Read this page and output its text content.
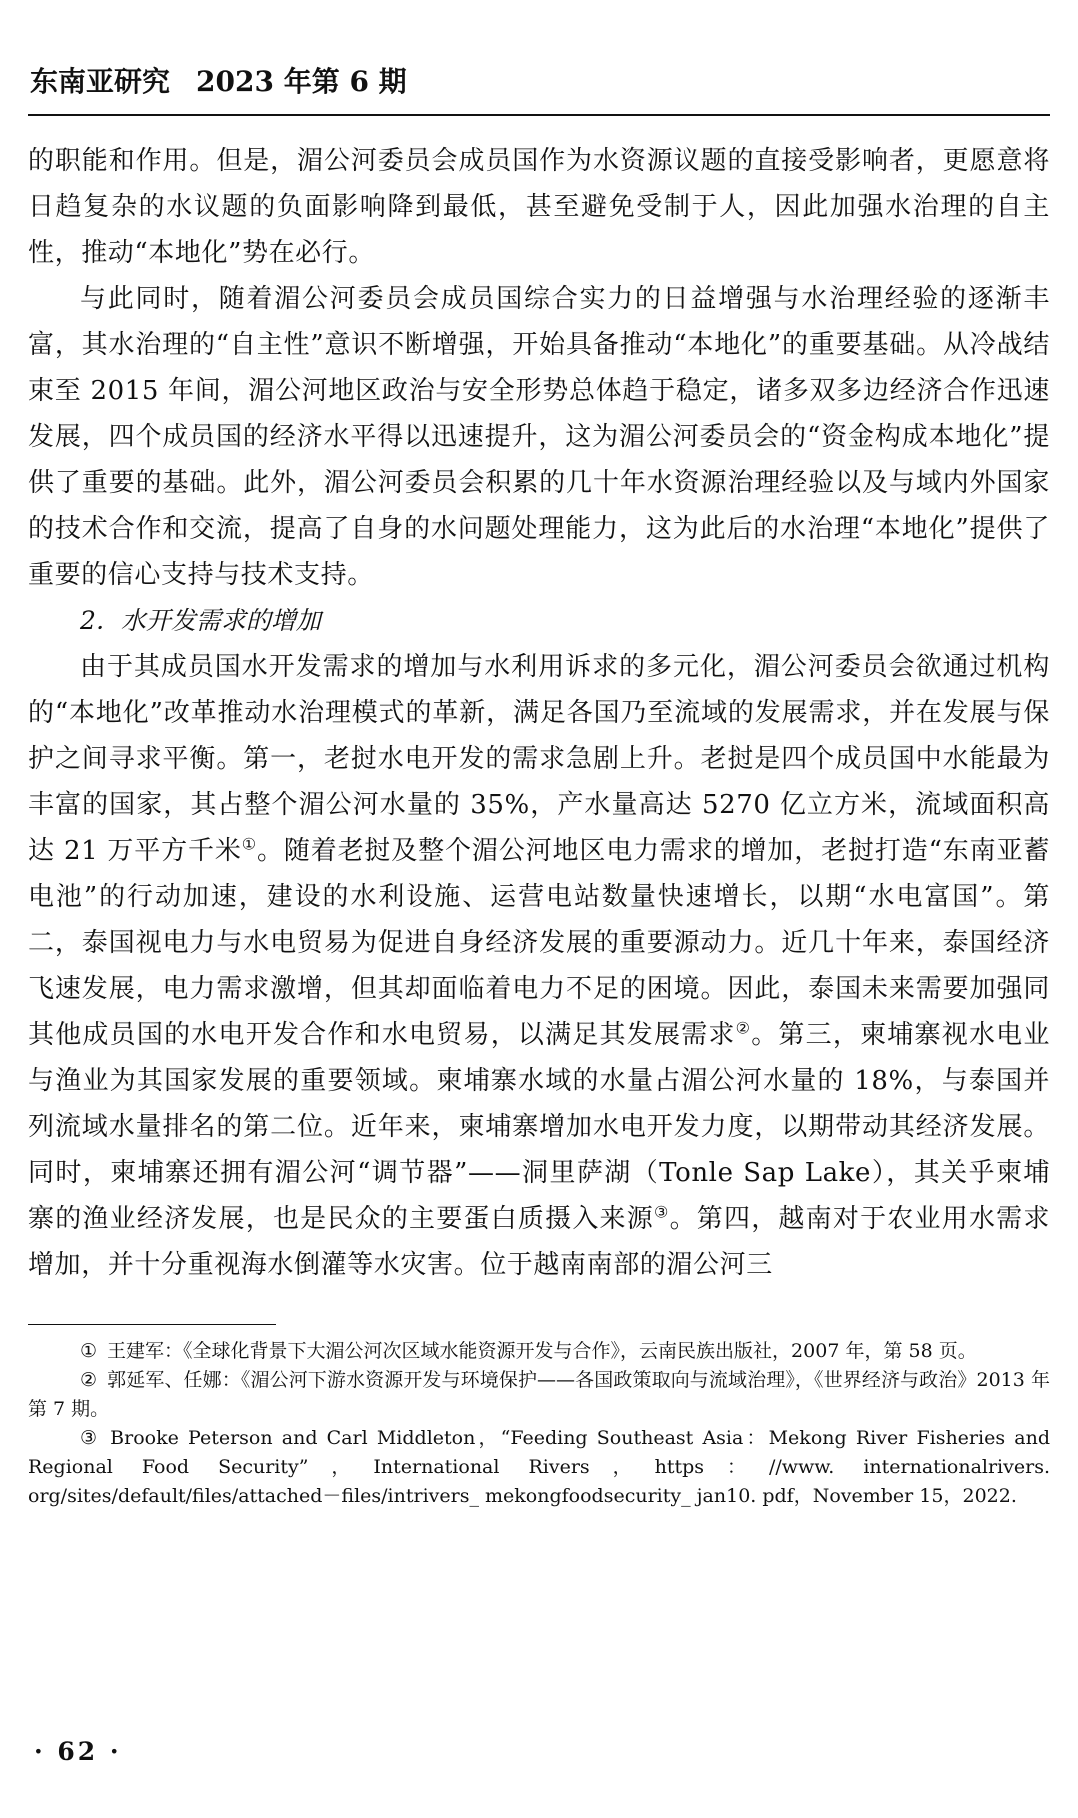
东南亚研究 2023 年第 6 期

的职能和作用。但是，湄公河委员会成员国作为水资源议题的直接受影响者，更愿意将日趋复杂的水议题的负面影响降到最低，甚至避免受制于人，因此加强水治理的自主性，推动“本地化”势在必行。

与此同时，随着湄公河委员会成员国综合实力的日益增强与水治理经验的逐渐丰富，其水治理的“自主性”意识不断增强，开始具备推动“本地化”的重要基础。从冷战结束至 2015 年间，湄公河地区政治与安全形势总体趋于稳定，诸多双多边经济合作迅速发展，四个成员国的经济水平得以迅速提升，这为湄公河委员会的“资金构成本地化”提供了重要的基础。此外，湄公河委员会积累的几十年水资源治理经验以及与域内外国家的技术合作和交流，提高了自身的水问题处理能力，这为此后的水治理“本地化”提供了重要的信心支持与技术支持。

2．水开发需求的增加

由于其成员国水开发需求的增加与水利用诉求的多元化，湄公河委员会欲通过机构的“本地化”改革推动水治理模式的革新，满足各国乃至流域的发展需求，并在发展与保护之间寻求平衡。第一，老挝水电开发的需求急剧上升。老挝是四个成员国中水能最为丰富的国家，其占整个湄公河水量的 35%，产水量高达 5270 亿立方米，流域面积高达 21 万平方千米①。随着老挝及整个湄公河地区电力需求的增加，老挝打造“东南亚蓄电池”的行动加速，建设的水利设施、运营电站数量快速增长，以期“水电富国”。第二，泰国视电力与水电贸易为促进自身经济发展的重要源动力。近几十年来，泰国经济飞速发展，电力需求激增，但其却面临着电力不足的困境。因此，泰国未来需要加强同其他成员国的水电开发合作和水电贸易，以满足其发展需求②。第三，柬埔寨视水电业与渔业为其国家发展的重要领域。柬埔寨水域的水量占湄公河水量的 18%，与泰国并列流域水量排名的第二位。近年来，柬埔寨增加水电开发力度，以期带动其经济发展。同时，柬埔寨还拥有湄公河“调节器”——洞里萨湖（Tonle Sap Lake），其关乎柬埔寨的渔业经济发展，也是民众的主要蛋白质摄入来源③。第四，越南对于农业用水需求增加，并十分重视海水倒灌等水灾害。位于越南南部的湄公河三

① 王建军：《全球化背景下大湄公河次区域水能资源开发与合作》，云南民族出版社，2007 年，第 58 页。

② 郭延军、任娜：《湄公河下游水资源开发与环境保护——各国政策取向与流域治理》，《世界经济与政治》2013 年第 7 期。

③ Brooke Peterson and Carl Middleton，“Feeding Southeast Asia：Mekong River Fisheries and Regional Food Security”，International Rivers，https：//www. internationalrivers. org/sites/default/files/attached－files/intrivers_ mekongfoodsecurity_ jan10. pdf，November 15，2022.

· 62 ·
